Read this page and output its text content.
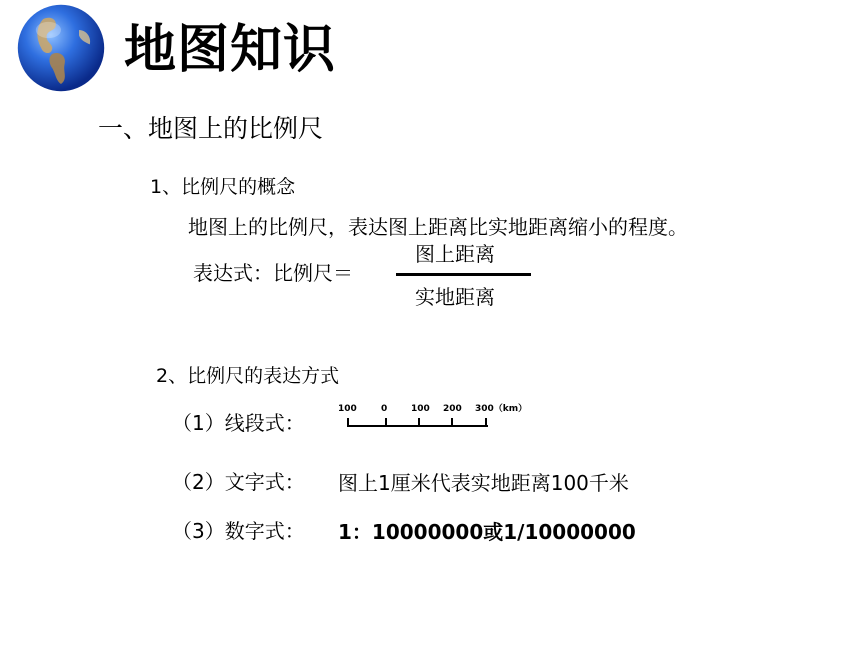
地图知识
一、地图上的比例尺
1、比例尺的概念
地图上的比例尺，表达图上距离比实地距离缩小的程度。
表达式：比例尺＝
图上距离
实地距离
2、比例尺的表达方式
（1）线段式：
100	0	100 200 300（km）
（2）文字式： 图上1厘米代表实地距离100千米
（3）数字式： 1：10000000或1/10000000
